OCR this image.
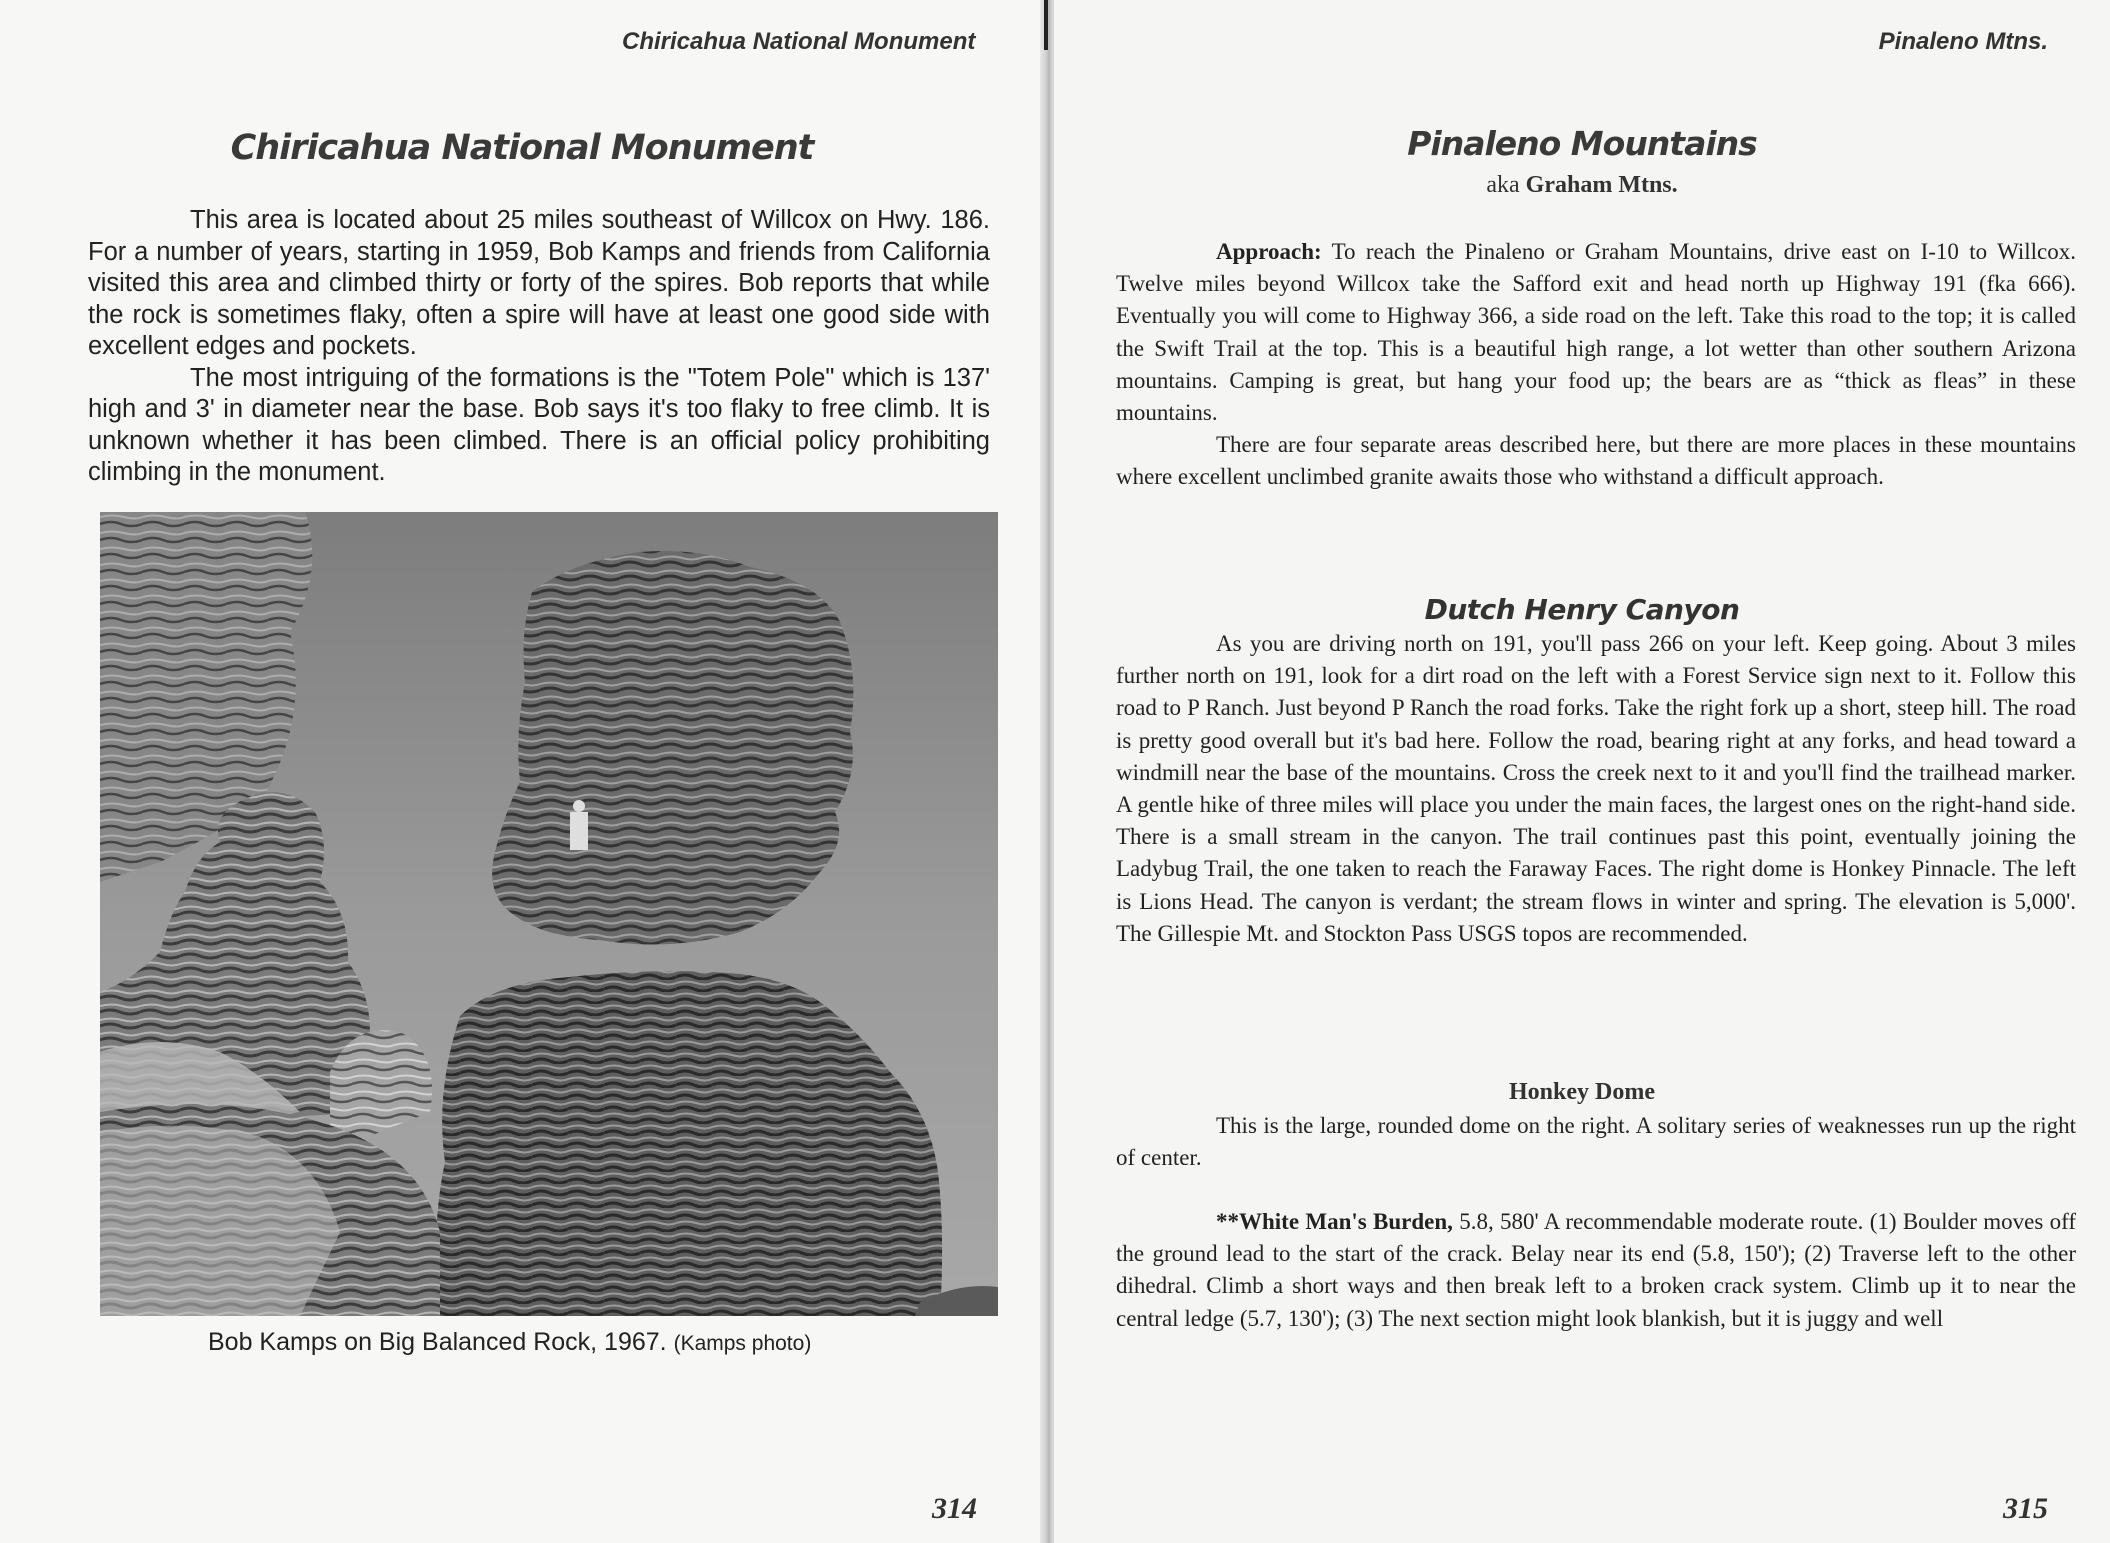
Chiricahua National Monument
Chiricahua National Monument

This area is located about 25 miles southeast of Willcox on Hwy. 186. For a number of years, starting in 1959, Bob Kamps and friends from California visited this area and climbed thirty or forty of the spires. Bob reports that while the rock is sometimes flaky, often a spire will have at least one good side with excellent edges and pockets.

The most intriguing of the formations is the "Totem Pole" which is 137' high and 3' in diameter near the base. Bob says it's too flaky to free climb. It is unknown whether it has been climbed. There is an official policy prohibiting climbing in the monument.

Bob Kamps on Big Balanced Rock, 1967. (Kamps photo)
314
Pinaleno Mtns.
Pinaleno Mountains
aka Graham Mtns.

Approach: To reach the Pinaleno or Graham Mountains, drive east on I-10 to Willcox. Twelve miles beyond Willcox take the Safford exit and head north up Highway 191 (fka 666). Eventually you will come to Highway 366, a side road on the left. Take this road to the top; it is called the Swift Trail at the top. This is a beautiful high range, a lot wetter than other southern Arizona mountains. Camping is great, but hang your food up; the bears are as “thick as fleas” in these mountains.

There are four separate areas described here, but there are more places in these mountains where excellent unclimbed granite awaits those who withstand a difficult approach.

Dutch Henry Canyon

As you are driving north on 191, you'll pass 266 on your left. Keep going. About 3 miles further north on 191, look for a dirt road on the left with a Forest Service sign next to it. Follow this road to P Ranch. Just beyond P Ranch the road forks. Take the right fork up a short, steep hill. The road is pretty good overall but it's bad here. Follow the road, bearing right at any forks, and head toward a windmill near the base of the mountains. Cross the creek next to it and you'll find the trailhead marker. A gentle hike of three miles will place you under the main faces, the largest ones on the right-hand side. There is a small stream in the canyon. The trail continues past this point, eventually joining the Ladybug Trail, the one taken to reach the Faraway Faces. The right dome is Honkey Pinnacle. The left is Lions Head. The canyon is verdant; the stream flows in winter and spring. The elevation is 5,000'. The Gillespie Mt. and Stockton Pass USGS topos are recommended.

Honkey Dome

This is the large, rounded dome on the right. A solitary series of weaknesses run up the right of center.

**White Man's Burden, 5.8, 580' A recommendable moderate route. (1) Boulder moves off the ground lead to the start of the crack. Belay near its end (5.8, 150'); (2) Traverse left to the other dihedral. Climb a short ways and then break left to a broken crack system. Climb up it to near the central ledge (5.7, 130'); (3) The next section might look blankish, but it is juggy and well

315
